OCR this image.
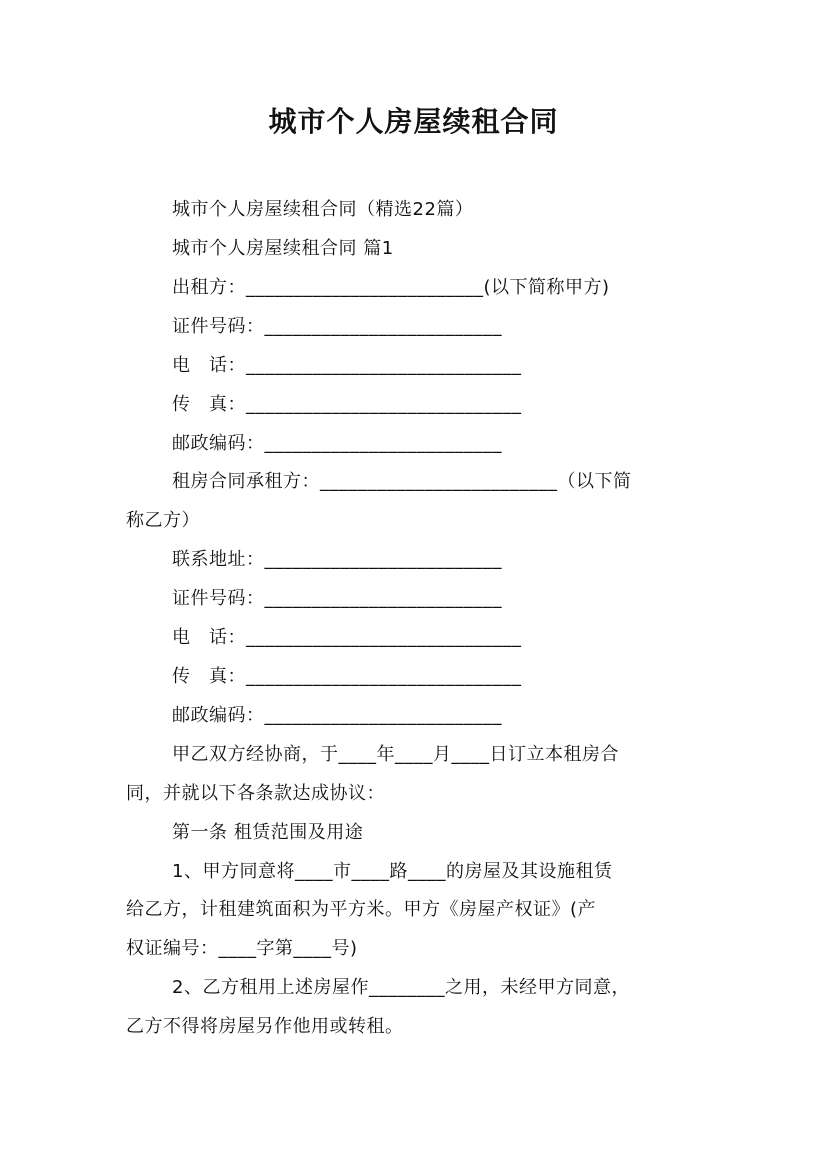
城市个人房屋续租合同
城市个人房屋续租合同（精选22篇）
城市个人房屋续租合同 篇1
出租方：_________________________(以下简称甲方)
证件号码：_________________________
电　话：_____________________________
传　真：_____________________________
邮政编码：_________________________
租房合同承租方：_________________________（以下简
称乙方）
联系地址：_________________________
证件号码：_________________________
电　话：_____________________________
传　真：_____________________________
邮政编码：_________________________
甲乙双方经协商，于____年____月____日订立本租房合
同，并就以下各条款达成协议：
第一条 租赁范围及用途
1、甲方同意将____市____路____的房屋及其设施租赁
给乙方，计租建筑面积为平方米。甲方《房屋产权证》(产
权证编号：____字第____号)
2、乙方租用上述房屋作________之用，未经甲方同意，
乙方不得将房屋另作他用或转租。
